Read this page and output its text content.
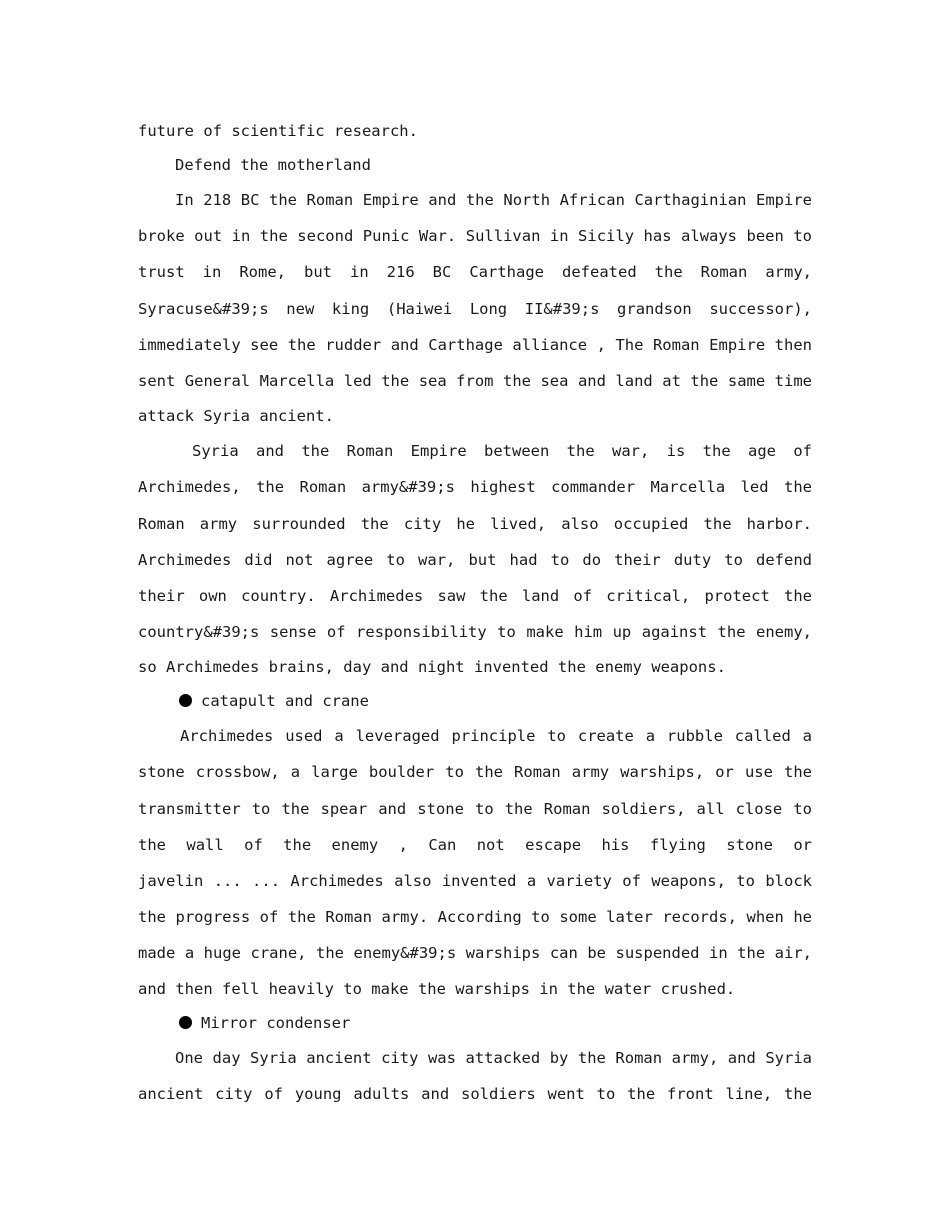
future of scientific research.
Defend the motherland
In 218 BC the Roman Empire and the North African Carthaginian Empire
broke out in the second Punic War. Sullivan in Sicily has always been to
trust in Rome, but in 216 BC Carthage defeated the Roman army,
Syracuse&#39;s new king (Haiwei Long II&#39;s grandson successor),
immediately see the rudder and Carthage alliance , The Roman Empire then
sent General Marcella led the sea from the sea and land at the same time
attack Syria ancient.
Syria and the Roman Empire between the war, is the age of
Archimedes, the Roman army&#39;s highest commander Marcella led the
Roman army surrounded the city he lived, also occupied the harbor.
Archimedes did not agree to war, but had to do their duty to defend
their own country. Archimedes saw the land of critical, protect the
country&#39;s sense of responsibility to make him up against the enemy,
so Archimedes brains, day and night invented the enemy weapons.
catapult and crane
Archimedes used a leveraged principle to create a rubble called a
stone crossbow, a large boulder to the Roman army warships, or use the
transmitter to the spear and stone to the Roman soldiers, all close to
the wall of the enemy , Can not escape his flying stone or
javelin ... ... Archimedes also invented a variety of weapons, to block
the progress of the Roman army. According to some later records, when he
made a huge crane, the enemy&#39;s warships can be suspended in the air,
and then fell heavily to make the warships in the water crushed.
Mirror condenser
One day Syria ancient city was attacked by the Roman army, and Syria
ancient city of young adults and soldiers went to the front line, the
